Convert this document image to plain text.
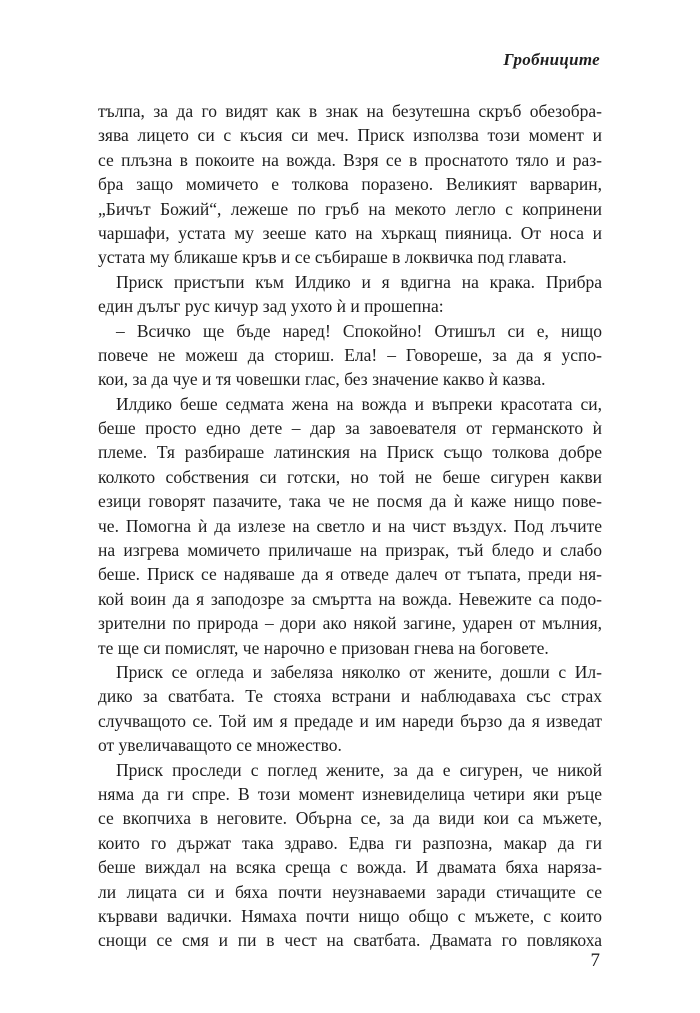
Гробниците
тълпа, за да го видят как в знак на безутешна скръб обезобра-
зява лицето си с късия си меч. Приск използва този момент и
се плъзна в покоите на вожда. Взря се в проснатото тяло и раз-
бра защо момичето е толкова поразено. Великият варварин,
„Бичът Божий“, лежеше по гръб на мекото легло с копринени
чаршафи, устата му зееше като на хъркащ пияница. От носа и
устата му бликаше кръв и се събираше в локвичка под главата.
Приск пристъпи към Илдико и я вдигна на крака. Прибра
един дълъг рус кичур зад ухото ѝ и прошепна:
– Всичко ще бъде наред! Спокойно! Отишъл си е, нищо
повече не можеш да сториш. Ела! – Говореше, за да я успо-
кои, за да чуе и тя човешки глас, без значение какво ѝ казва.
Илдико беше седмата жена на вожда и въпреки красотата си,
беше просто едно дете – дар за завоевателя от германското ѝ
племе. Тя разбираше латинския на Приск също толкова добре
колкото собствения си готски, но той не беше сигурен какви
езици говорят пазачите, така че не посмя да ѝ каже нищо пове-
че. Помогна ѝ да излезе на светло и на чист въздух. Под лъчите
на изгрева момичето приличаше на призрак, тъй бледо и слабо
беше. Приск се надяваше да я отведе далеч от тъпата, преди ня-
кой воин да я заподозре за смъртта на вожда. Невежите са подо-
зрителни по природа – дори ако някой загине, ударен от мълния,
те ще си помислят, че нарочно е призован гнева на боговете.
Приск се огледа и забеляза няколко от жените, дошли с Ил-
дико за сватбата. Те стояха встрани и наблюдаваха със страх
случващото се. Той им я предаде и им нареди бързо да я изведат
от увеличаващото се множество.
Приск проследи с поглед жените, за да е сигурен, че никой
няма да ги спре. В този момент изневиделица четири яки ръце
се вкопчиха в неговите. Обърна се, за да види кои са мъжете,
които го държат така здраво. Едва ги разпозна, макар да ги
беше виждал на всяка среща с вожда. И двамата бяха нарязa-
ли лицата си и бяха почти неузнаваеми заради стичащите се
кървави вадички. Нямаха почти нищо общо с мъжете, с които
снощи се смя и пи в чест на сватбата. Двамата го повлякоха
7
